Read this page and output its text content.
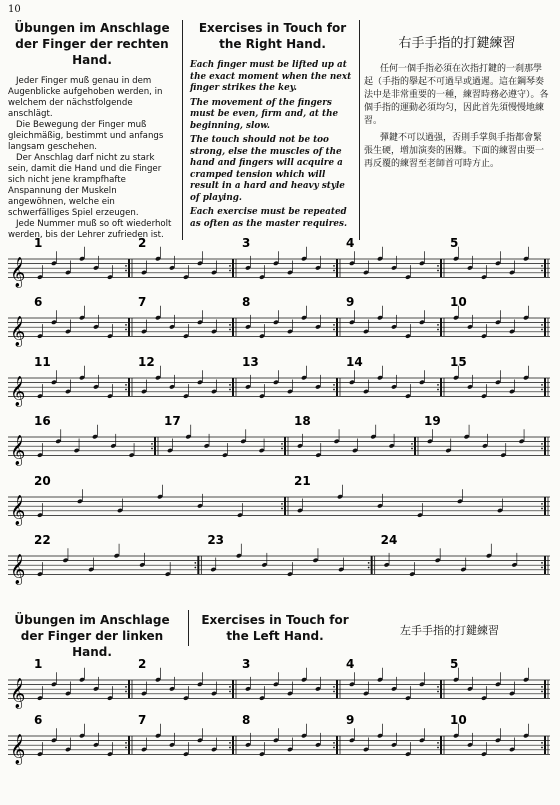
10
Übungen im Anschlage der Finger der rechten Hand.

Jeder Finger muß genau in dem Augenblicke aufgehoben werden, in welchem der nächstfolgende anschlägt.

Die Bewegung der Finger muß gleichmäßig, bestimmt und anfangs langsam geschehen.

Der Anschlag darf nicht zu stark sein, damit die Hand und die Finger sich nicht jene krampfhafte Anspannung der Muskeln angewöhnen, welche ein schwerfälliges Spiel erzeugen.

Jede Nummer muß so oft wiederholt werden, bis der Lehrer zufrieden ist.

Exercises in Touch for the Right Hand.

Each finger must be lifted up at the exact moment when the next finger strikes the key.

The movement of the fingers must be even, firm and, at the beginning, slow.

The touch should not be too strong, else the muscles of the hand and fingers will acquire a cramped tension which will result in a hard and heavy style of playing.

Each exercise must be repeated as often as the master requires.

右手手指的打鍵練習

任何一個手指必須在次指打鍵的一刹那學起（手指的擧起不可過早或過遲。這在鋼琴奏法中是非常重要的一種，練習時務必遵守）。各個手指的運動必須均匀，因此首先須慢慢地練習。

彈鍵不可以過强，否則手掌與手指都會緊張生硬，增加演奏的困難。下面的練習由要一再反覆的練習至老師首可時方止。

Übungen im Anschlage der Finger der linken Hand.
Exercises in Touch for the Left Hand.	左手手指的打鍵練習
𝄞
1	2	3	4	5
𝄞
6	7	8	9	10
𝄞
11	12	13	14	15
𝄞
16	17	18	19
𝄞
20	21
𝄞
22	23	24
𝄞
1	2	3	4	5
𝄞
6	7	8	9	10
